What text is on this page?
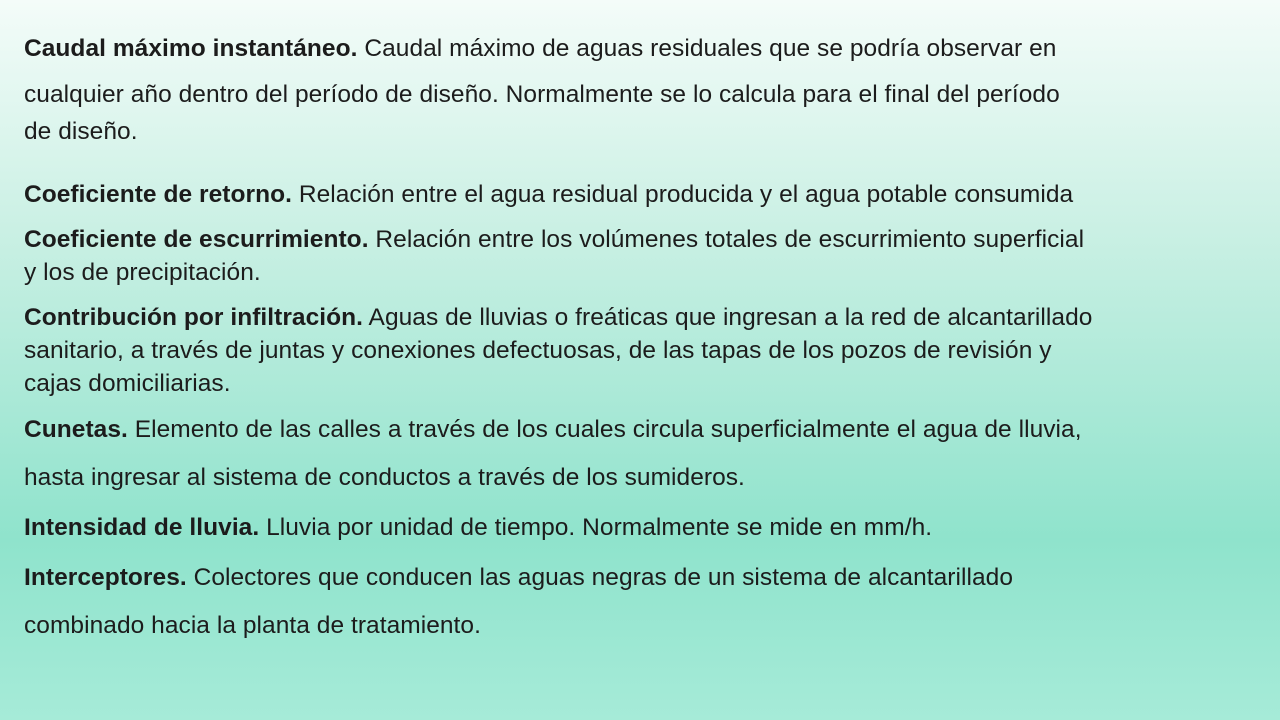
Caudal máximo instantáneo. Caudal máximo de aguas residuales que se podría observar en
cualquier año dentro del período de diseño. Normalmente se lo calcula para el final del período
de diseño.

Coeficiente de retorno. Relación entre el agua residual producida y el agua potable consumida

Coeficiente de escurrimiento. Relación entre los volúmenes totales de escurrimiento superficial
y los de precipitación.

Contribución por infiltración. Aguas de lluvias o freáticas que ingresan a la red de alcantarillado
sanitario, a través de juntas y conexiones defectuosas, de las tapas de los pozos de revisión y
cajas domiciliarias.

Cunetas. Elemento de las calles a través de los cuales circula superficialmente el agua de lluvia,
hasta ingresar al sistema de conductos a través de los sumideros.

Intensidad de lluvia. Lluvia por unidad de tiempo. Normalmente se mide en mm/h.

Interceptores. Colectores que conducen las aguas negras de un sistema de alcantarillado
combinado hacia la planta de tratamiento.
